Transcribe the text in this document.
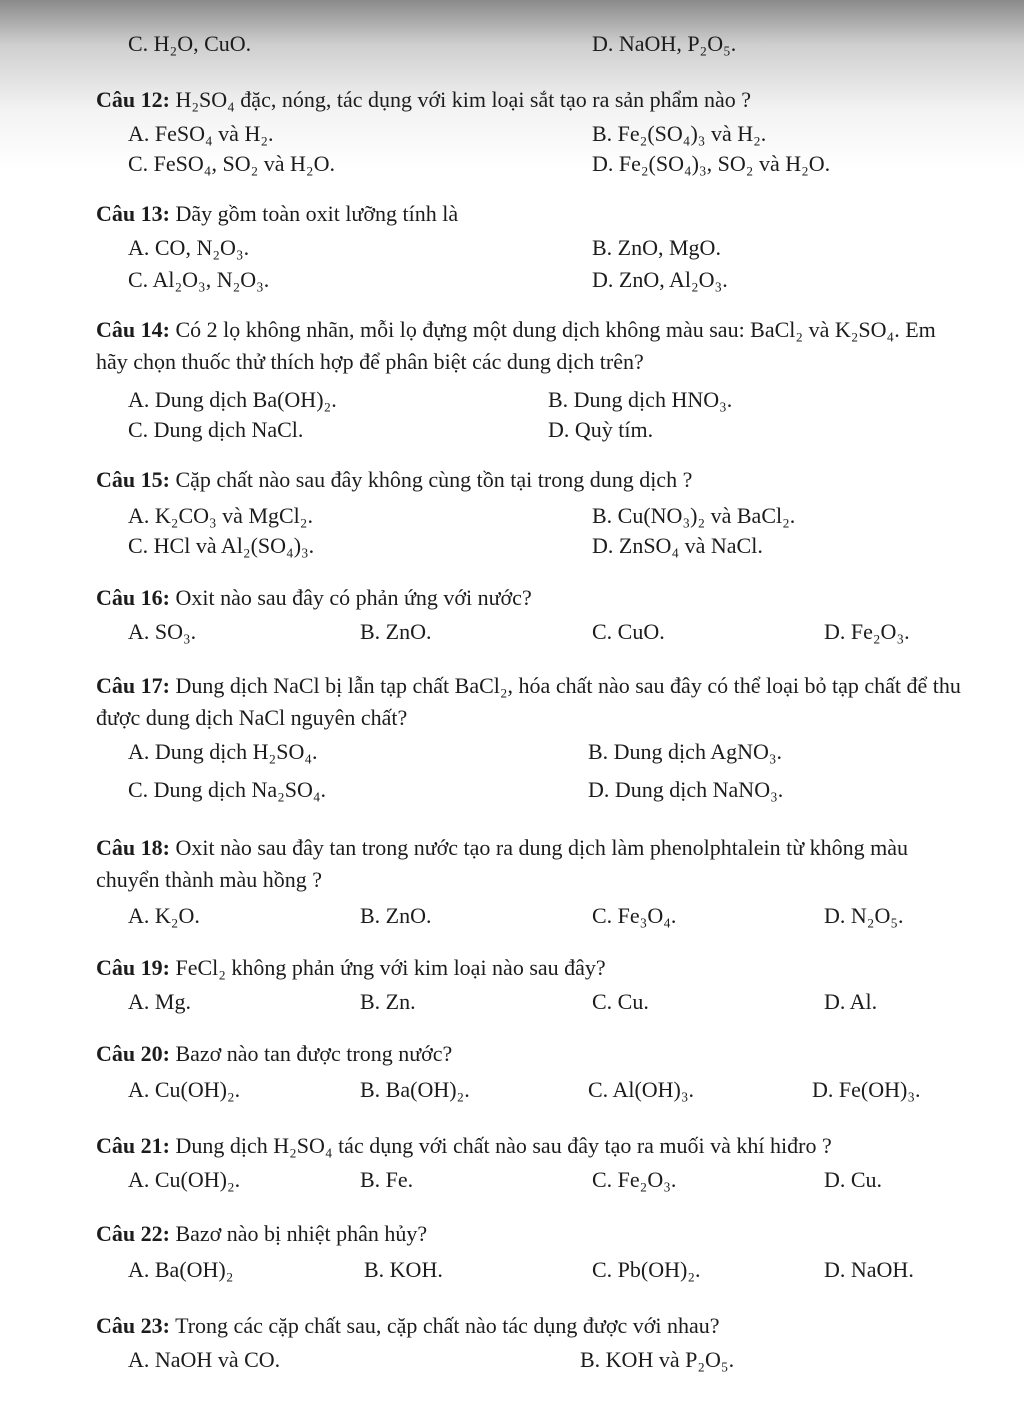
C. H₂O, CuO.	D. NaOH, P₂O₅.
Câu 12: H₂SO₄ đặc, nóng, tác dụng với kim loại sắt tạo ra sản phẩm nào ?
A. FeSO₄ và H₂.	B. Fe₂(SO₄)₃ và H₂.
C. FeSO₄, SO₂ và H₂O.	D. Fe₂(SO₄)₃, SO₂ và H₂O.
Câu 13: Dãy gồm toàn oxit lưỡng tính là
A. CO, N₂O₃.	B. ZnO, MgO.
C. Al₂O₃, N₂O₃.	D. ZnO, Al₂O₃.
Câu 14: Có 2 lọ không nhãn, mỗi lọ đựng một dung dịch không màu sau: BaCl₂ và K₂SO₄. Em hãy chọn thuốc thử thích hợp để phân biệt các dung dịch trên?
A. Dung dịch Ba(OH)₂.	B. Dung dịch HNO₃.
C. Dung dịch NaCl.	D. Quỳ tím.
Câu 15: Cặp chất nào sau đây không cùng tồn tại trong dung dịch ?
A. K₂CO₃ và MgCl₂.	B. Cu(NO₃)₂ và BaCl₂.
C. HCl và Al₂(SO₄)₃.	D. ZnSO₄ và NaCl.
Câu 16: Oxit nào sau đây có phản ứng với nước?
A. SO₃.	B. ZnO.	C. CuO.	D. Fe₂O₃.
Câu 17: Dung dịch NaCl bị lẫn tạp chất BaCl₂, hóa chất nào sau đây có thể loại bỏ tạp chất để thu được dung dịch NaCl nguyên chất?
A. Dung dịch H₂SO₄.	B. Dung dịch AgNO₃.
C. Dung dịch Na₂SO₄.	D. Dung dịch NaNO₃.
Câu 18: Oxit nào sau đây tan trong nước tạo ra dung dịch làm phenolphtalein từ không màu chuyển thành màu hồng ?
A. K₂O.	B. ZnO.	C. Fe₃O₄.	D. N₂O₅.
Câu 19: FeCl₂ không phản ứng với kim loại nào sau đây?
A. Mg.	B. Zn.	C. Cu.	D. Al.
Câu 20: Bazơ nào tan được trong nước?
A. Cu(OH)₂.	B. Ba(OH)₂.	C. Al(OH)₃.	D. Fe(OH)₃.
Câu 21: Dung dịch H₂SO₄ tác dụng với chất nào sau đây tạo ra muối và khí hiđro ?
A. Cu(OH)₂.	B. Fe.	C. Fe₂O₃.	D. Cu.
Câu 22: Bazơ nào bị nhiệt phân hủy?
A. Ba(OH)₂	B. KOH.	C. Pb(OH)₂.	D. NaOH.
Câu 23: Trong các cặp chất sau, cặp chất nào tác dụng được với nhau?
A. NaOH và CO.	B. KOH và P₂O₅.
